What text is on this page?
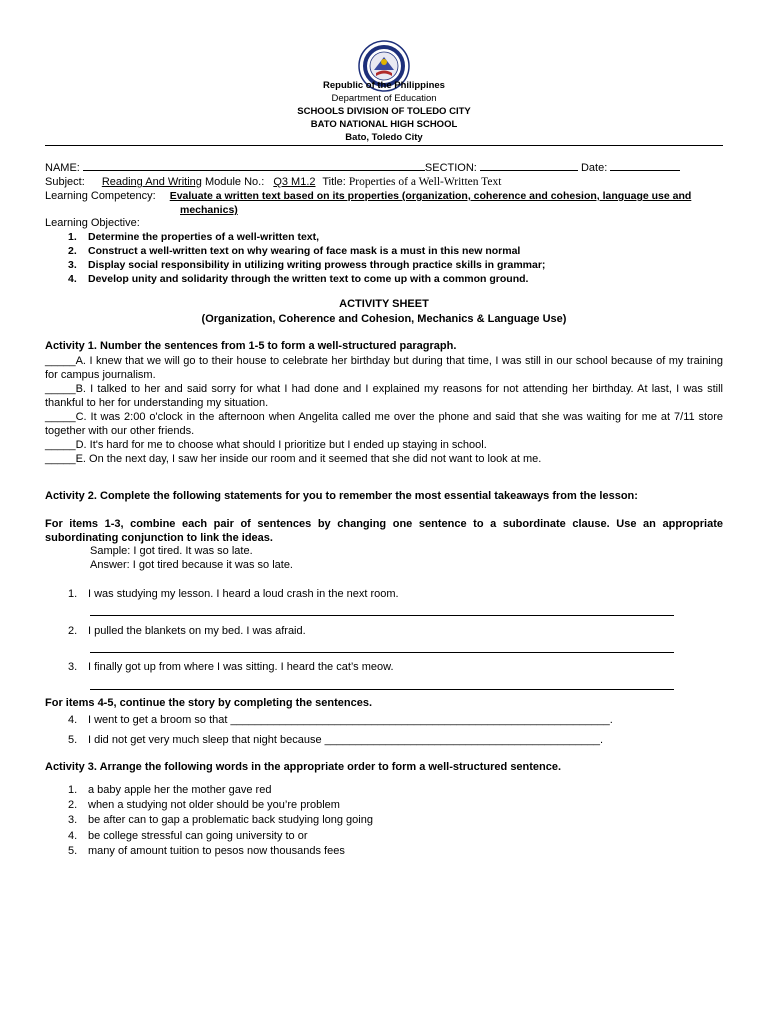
Republic of the Philippines
Department of Education
SCHOOLS DIVISION OF TOLEDO CITY
BATO NATIONAL HIGH SCHOOL
Bato, Toledo City
NAME:	SECTION:	Date:
Subject: Reading And Writing Module No.: Q3 M1.2 Title: Properties of a Well-Written Text
Learning Competency: Evaluate a written text based on its properties (organization, coherence and cohesion, language use and
mechanics)
Learning Objective:
1. Determine the properties of a well-written text,
2. Construct a well-written text on why wearing of face mask is a must in this new normal
3. Display social responsibility in utilizing writing prowess through practice skills in grammar;
4. Develop unity and solidarity through the written text to come up with a common ground.
ACTIVITY SHEET
(Organization, Coherence and Cohesion, Mechanics & Language Use)
Activity 1. Number the sentences from 1-5 to form a well-structured paragraph.
_____A. I knew that we will go to their house to celebrate her birthday but during that time, I was still in our school because of my training for campus journalism.
_____B. I talked to her and said sorry for what I had done and I explained my reasons for not attending her birthday. At last, I was still thankful to her for understanding my situation.
_____C. It was 2:00 o'clock in the afternoon when Angelita called me over the phone and said that she was waiting for me at 7/11 store together with our other friends.
_____D. It's hard for me to choose what should I prioritize but I ended up staying in school.
_____E. On the next day, I saw her inside our room and it seemed that she did not want to look at me.
Activity 2. Complete the following statements for you to remember the most essential takeaways from the lesson:
For items 1-3, combine each pair of sentences by changing one sentence to a subordinate clause. Use an appropriate subordinating conjunction to link the ideas.
Sample: I got tired. It was so late.
Answer: I got tired because it was so late.
1. I was studying my lesson. I heard a loud crash in the next room.
2. I pulled the blankets on my bed. I was afraid.
3. I finally got up from where I was sitting. I heard the cat’s meow.
For items 4-5, continue the story by completing the sentences.
4. I went to get a broom so that ______________________________________________________________.
5. I did not get very much sleep that night because _____________________________________________.
Activity 3. Arrange the following words in the appropriate order to form a well-structured sentence.
1. a baby apple her the mother gave red
2. when a studying not older should be you’re problem
3. be after can to gap a problematic back studying long going
4. be college stressful can going university to or
5. many of amount tuition to pesos now thousands fees
